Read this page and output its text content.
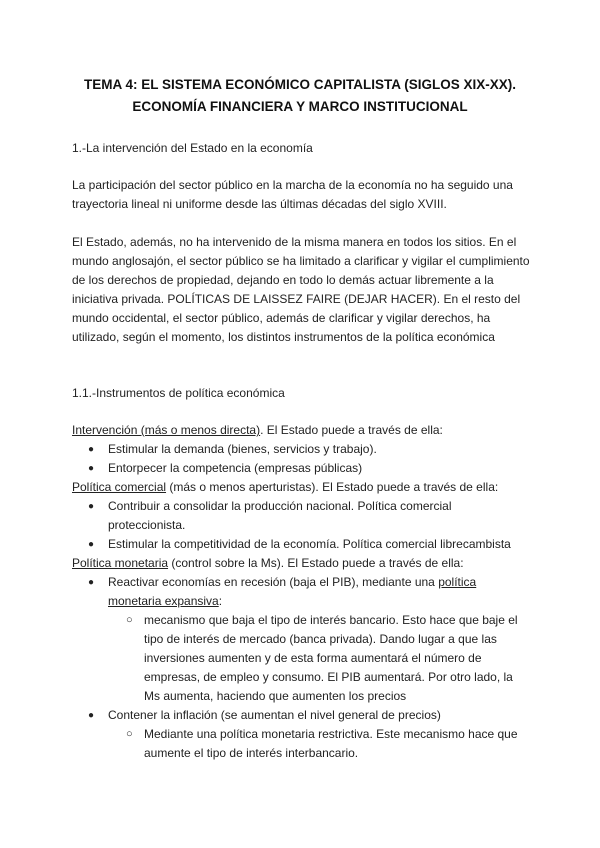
TEMA 4: EL SISTEMA ECONÓMICO CAPITALISTA (SIGLOS XIX-XX).
ECONOMÍA FINANCIERA Y MARCO INSTITUCIONAL

1.-La intervención del Estado en la economía

La participación del sector público en la marcha de la economía no ha seguido una trayectoria lineal ni uniforme desde las últimas décadas del siglo XVIII.

El Estado, además, no ha intervenido de la misma manera en todos los sitios. En el mundo anglosajón, el sector público se ha limitado a clarificar y vigilar el cumplimiento de los derechos de propiedad, dejando en todo lo demás actuar libremente a la iniciativa privada. POLÍTICAS DE LAISSEZ FAIRE (DEJAR HACER). En el resto del mundo occidental, el sector público, además de clarificar y vigilar derechos, ha utilizado, según el momento, los distintos instrumentos de la política económica

1.1.-Instrumentos de política económica

Intervención (más o menos directa). El Estado puede a través de ella:

● Estimular la demanda (bienes, servicios y trabajo).
● Entorpecer la competencia (empresas públicas)

Política comercial (más o menos aperturistas). El Estado puede a través de ella:

● Contribuir a consolidar la producción nacional. Política comercial proteccionista.
● Estimular la competitividad de la economía. Política comercial librecambista

Política monetaria (control sobre la Ms). El Estado puede a través de ella:

● Reactivar economías en recesión (baja el PIB), mediante una política monetaria expansiva:
○ mecanismo que baja el tipo de interés bancario. Esto hace que baje el tipo de interés de mercado (banca privada). Dando lugar a que las inversiones aumenten y de esta forma aumentará el número de empresas, de empleo y consumo. El PIB aumentará. Por otro lado, la Ms aumenta, haciendo que aumenten los precios
● Contener la inflación (se aumentan el nivel general de precios)
○ Mediante una política monetaria restrictiva. Este mecanismo hace que aumente el tipo de interés interbancario.
